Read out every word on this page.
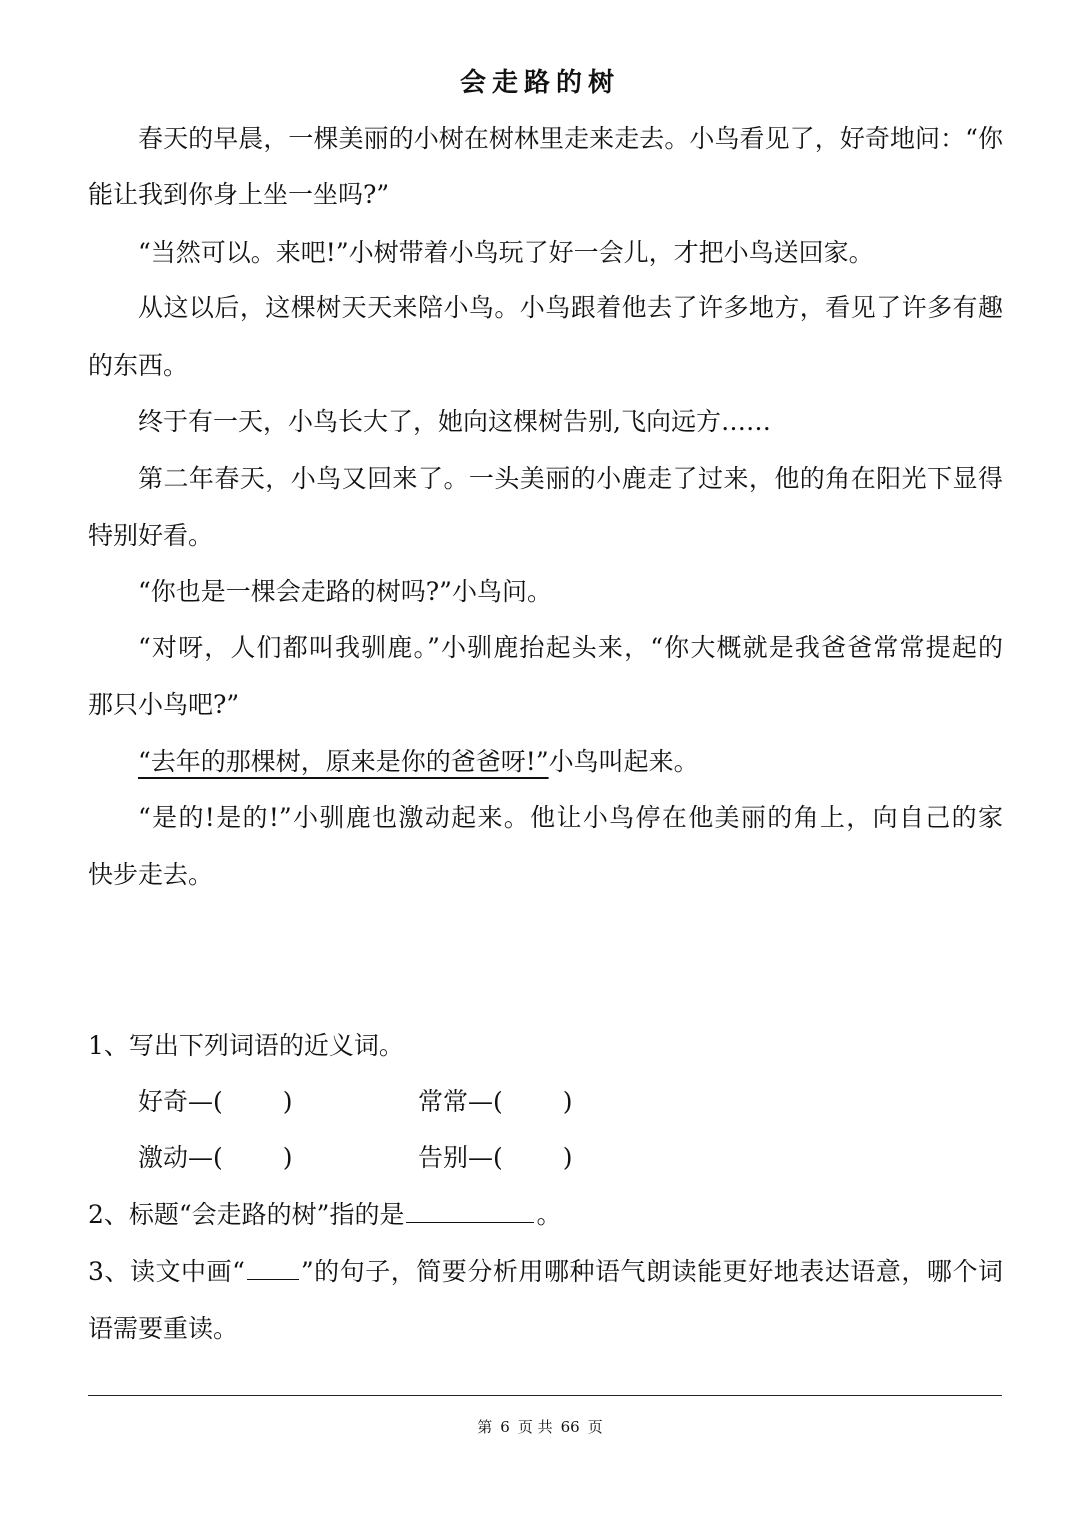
会走路的树
春天的早晨，一棵美丽的小树在树林里走来走去。小鸟看见了，好奇地问：“你
能让我到你身上坐一坐吗?”
“当然可以。来吧!”小树带着小鸟玩了好一会儿，才把小鸟送回家。
从这以后，这棵树天天来陪小鸟。小鸟跟着他去了许多地方，看见了许多有趣
的东西。
终于有一天，小鸟长大了，她向这棵树告别,飞向远方……
第二年春天，小鸟又回来了。一头美丽的小鹿走了过来，他的角在阳光下显得
特别好看。
“你也是一棵会走路的树吗?”小鸟问。
“对呀，人们都叫我驯鹿。”小驯鹿抬起头来，“你大概就是我爸爸常常提起的
那只小鸟吧?”
“去年的那棵树，原来是你的爸爸呀!”小鸟叫起来。
“是的!是的!”小驯鹿也激动起来。他让小鸟停在他美丽的角上，向自己的家
快步走去。
1、写出下列词语的近义词。
好奇—( )	常常—( )
激动—( )	告别—( )
2、标题“会走路的树”指的是	。
3、读文中画“ ”的句子，简要分析用哪种语气朗读能更好地表达语意，哪个词
语需要重读。
第 6 页 共 66 页
